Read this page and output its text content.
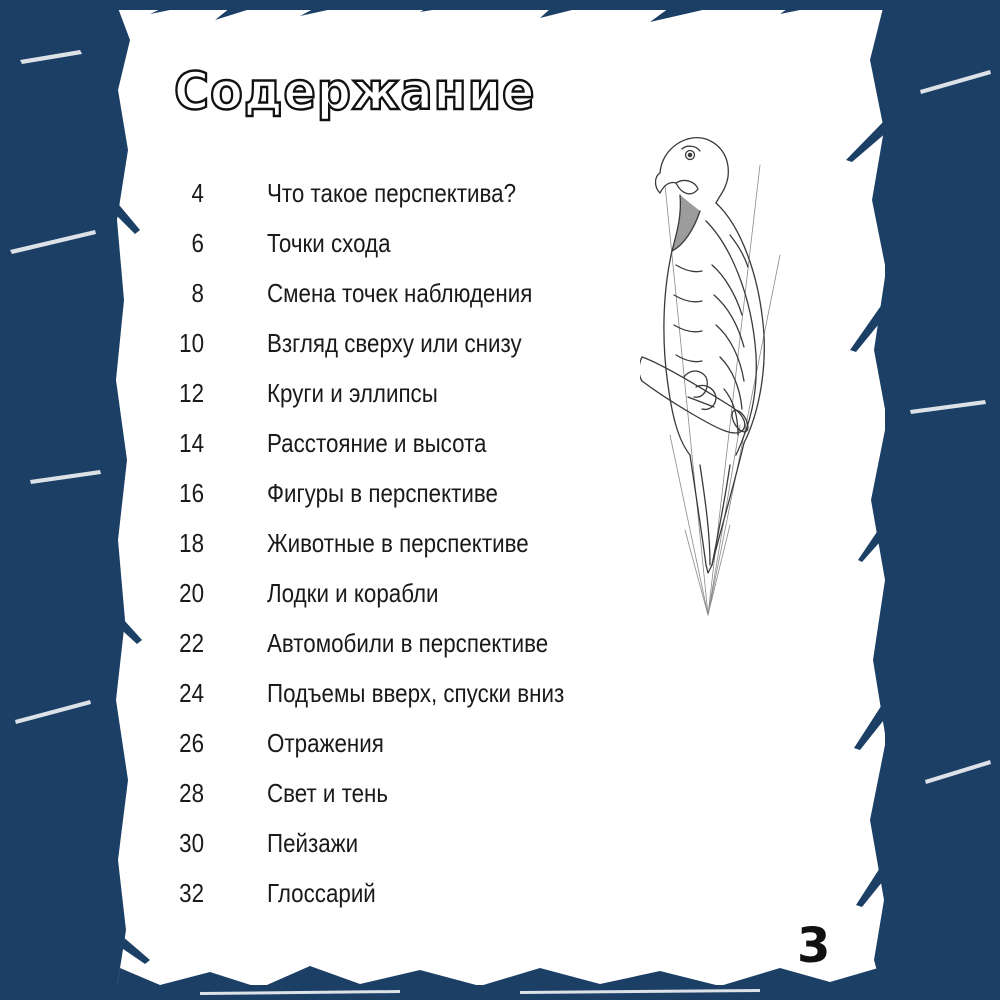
Содержание
4 Что такое перспектива?
6 Точки схода
8 Смена точек наблюдения
10 Взгляд сверху или снизу
12 Круги и эллипсы
14 Расстояние и высота
16 Фигуры в перспективе
18 Животные в перспективе
20 Лодки и корабли
22 Автомобили в перспективе
24 Подъемы вверх, спуски вниз
26 Отражения
28 Свет и тень
30 Пейзажи
32 Глоссарий
3
